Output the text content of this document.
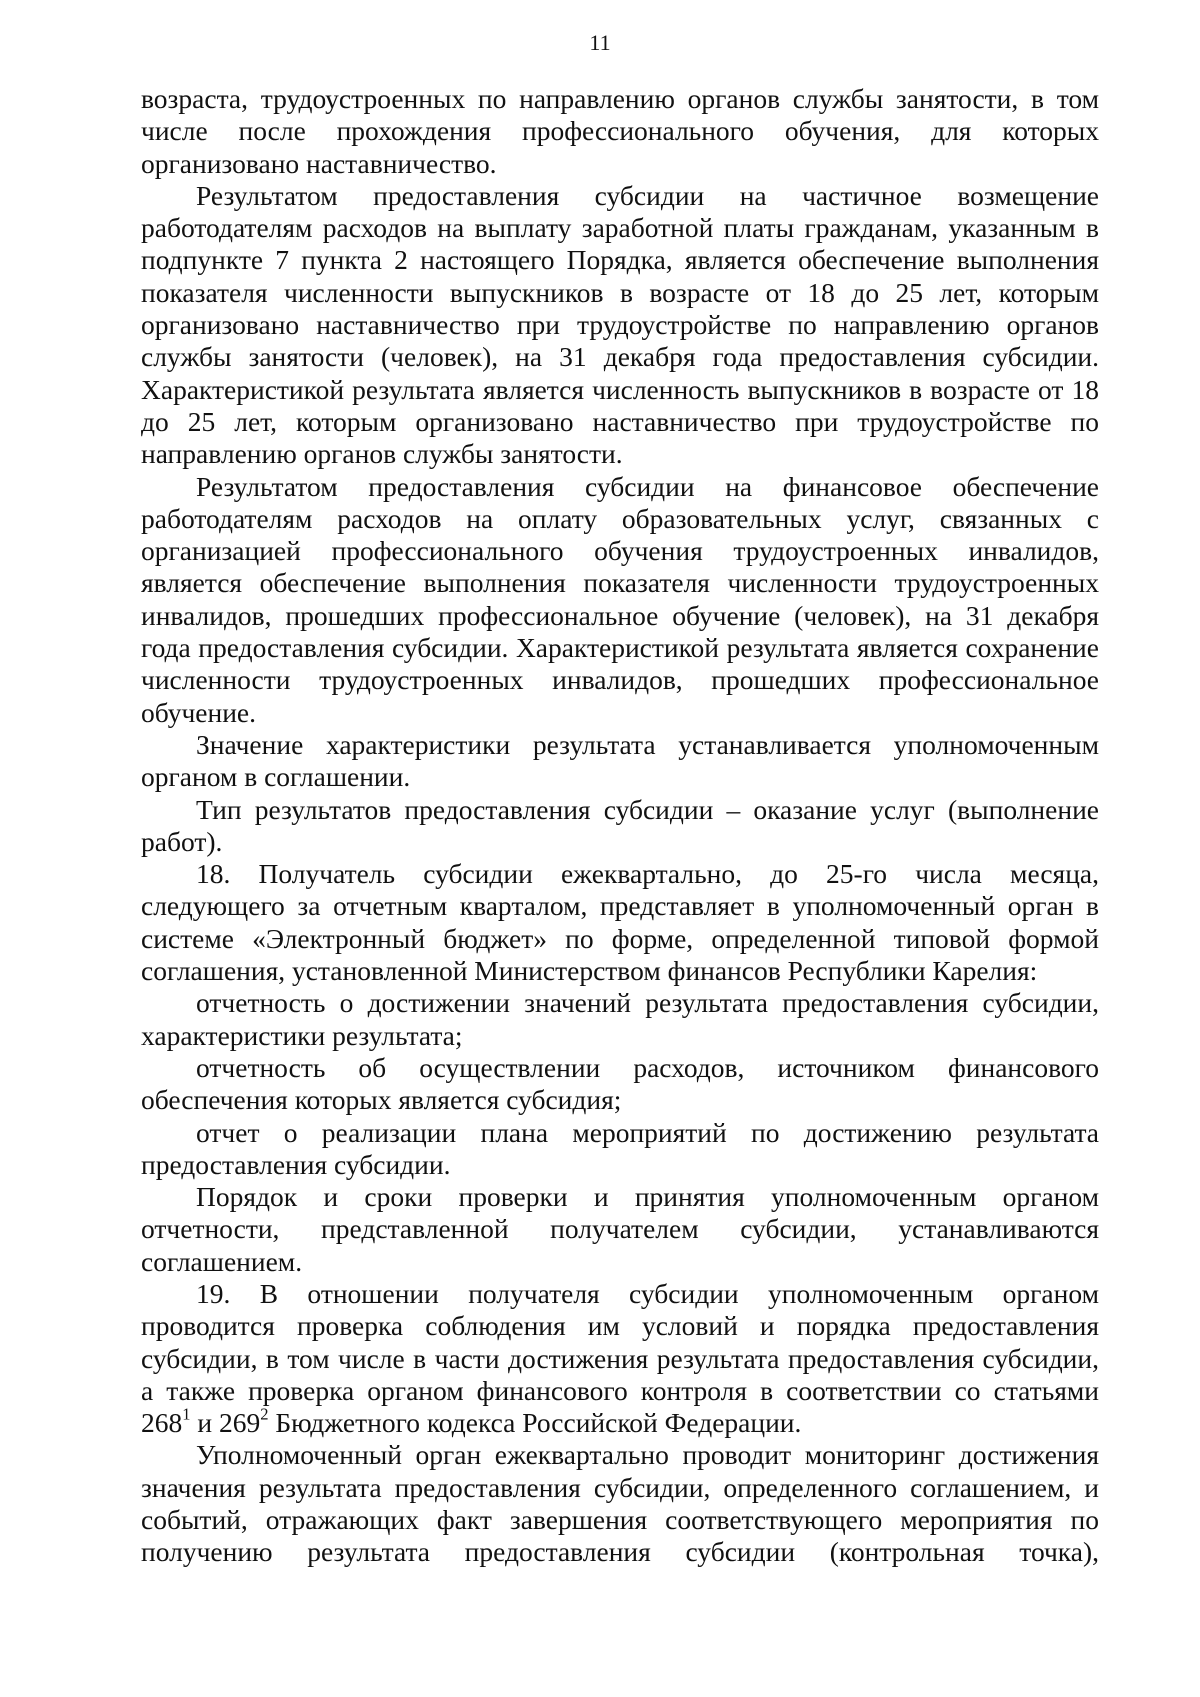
11

возраста, трудоустроенных по направлению органов службы занятости, в том числе после прохождения профессионального обучения, для которых организовано наставничество.

Результатом предоставления субсидии на частичное возмещение работодателям расходов на выплату заработной платы гражданам, указанным в подпункте 7 пункта 2 настоящего Порядка, является обеспечение выполнения показателя численности выпускников в возрасте от 18 до 25 лет, которым организовано наставничество при трудоустройстве по направлению органов службы занятости (человек), на 31 декабря года предоставления субсидии. Характеристикой результата является численность выпускников в возрасте от 18 до 25 лет, которым организовано наставничество при трудоустройстве по направлению органов службы занятости.

Результатом предоставления субсидии на финансовое обеспечение работодателям расходов на оплату образовательных услуг, связанных с организацией профессионального обучения трудоустроенных инвалидов, является обеспечение выполнения показателя численности трудоустроенных инвалидов, прошедших профессиональное обучение (человек), на 31 декабря года предоставления субсидии. Характеристикой результата является сохранение численности трудоустроенных инвалидов, прошедших профессиональное обучение.

Значение характеристики результата устанавливается уполномоченным органом в соглашении.

Тип результатов предоставления субсидии – оказание услуг (выполнение работ).

18. Получатель субсидии ежеквартально, до 25-го числа месяца, следующего за отчетным кварталом, представляет в уполномоченный орган в системе «Электронный бюджет» по форме, определенной типовой формой соглашения, установленной Министерством финансов Республики Карелия:

отчетность о достижении значений результата предоставления субсидии, характеристики результата;

отчетность об осуществлении расходов, источником финансового обеспечения которых является субсидия;

отчет о реализации плана мероприятий по достижению результата предоставления субсидии.

Порядок и сроки проверки и принятия уполномоченным органом отчетности, представленной получателем субсидии, устанавливаются соглашением.

19. В отношении получателя субсидии уполномоченным органом проводится проверка соблюдения им условий и порядка предоставления субсидии, в том числе в части достижения результата предоставления субсидии, а также проверка органом финансового контроля в соответствии со статьями $268^1$ и $269^2$ Бюджетного кодекса Российской Федерации.

Уполномоченный орган ежеквартально проводит мониторинг достижения значения результата предоставления субсидии, определенного соглашением, и событий, отражающих факт завершения соответствующего мероприятия по получению результата предоставления субсидии (контрольная точка),
